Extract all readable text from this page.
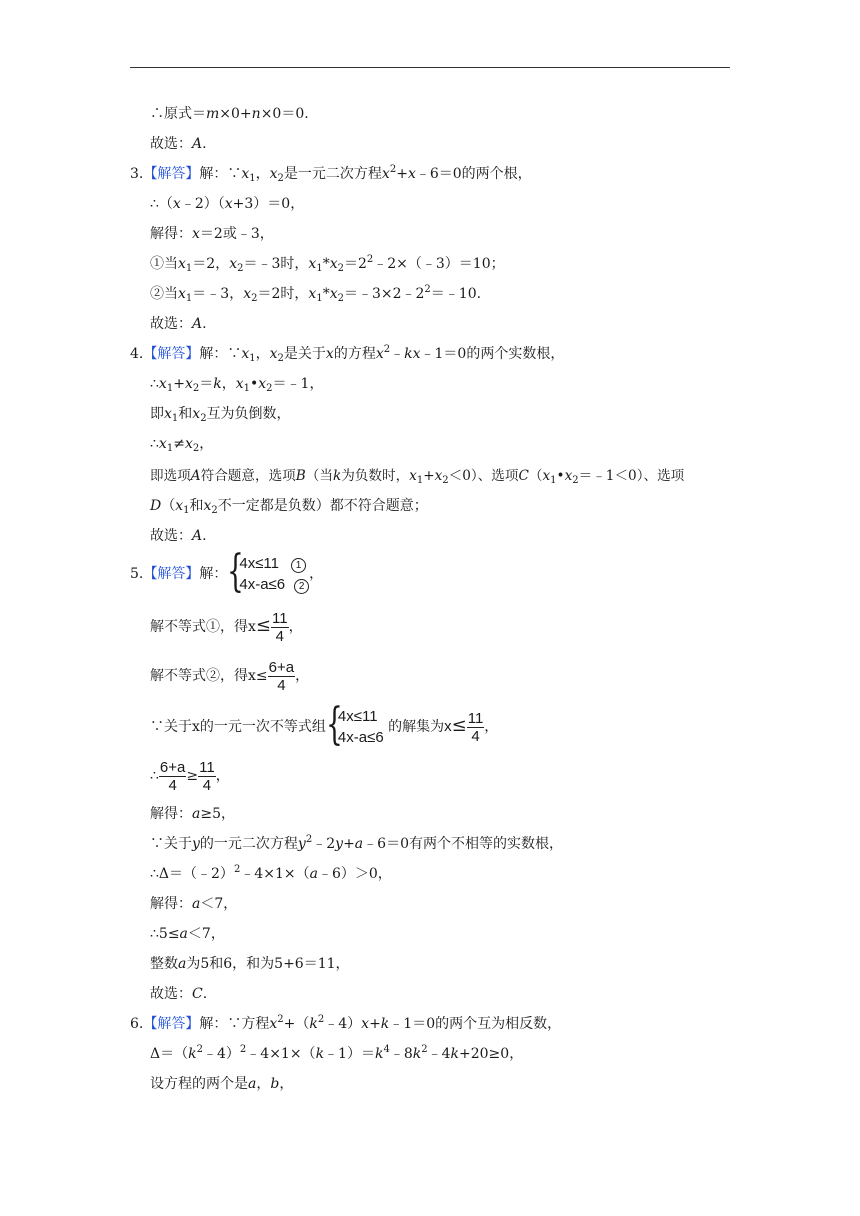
∴原式＝m×0+n×0＝0.
故选：A.
3.【解答】解：$\because x_1$，$x_2$是一元二次方程$x^2+x﹣6=0$的两个根，
∴（x﹣2）（x+3）＝0，
解得：x＝2或﹣3，
①当$x_1=2$，$x_2=﹣3$时，$x_1*x_2=2^2﹣2\times(﹣3)=10$；
②当$x_1=﹣3$，$x_2=2$时，$x_1*x_2=﹣3\times 2﹣2^2=﹣10$.
故选：A.
4.【解答】解：$\because x_1$，$x_2$是关于x的方程$x^2﹣kx﹣1=0$的两个实数根，
$\therefore x_1+x_2=k$，$x_1•x_2=﹣1$，
即$x_1$和$x_2$互为负倒数，
$\therefore x_1\ne x_2$，
即选项A符合题意，选项B（当k为负数时，$x_1+x_2<0$）、选项$C(x_1•x_2=﹣1<0)$、选项
$D(x_1$和$x_2$不一定都是负数）都不符合题意；
故选：A.
5.【解答】解： {
4x≤11 1
4x-a≤6 2
，
解不等式①，得$x\le \frac{11}{4}$ ，
解不等式②，得$x\le \frac{6+a}{4}$ ，
∵关于x的一元一次不等式组 {
4x≤11
4x-a≤6
的解集为$x\le \frac{11}{4}$ ，
∴ $\frac{6+a}{4} \ge \frac{11}{4}$ ，
解得：a≥5，
∵关于y的一元二次方程$y^2﹣2y+a﹣6=0$有两个不相等的实数根，
∴Δ＝（﹣2）$^2$﹣4×1×（a﹣6）＞0，
解得：a＜7，
∴5≤a＜7，
整数a为5和6，和为5+6＝11，
故选：C.
6.【解答】解：∵方程$x^2+(k^2﹣4)x+k﹣1=0$的两个互为相反数，
$\Delta=(k^2﹣4)^2﹣4\times 1\times(k﹣1)=k^4﹣8k^2﹣4k+20\ge 0$，
设方程的两个是a，b，
